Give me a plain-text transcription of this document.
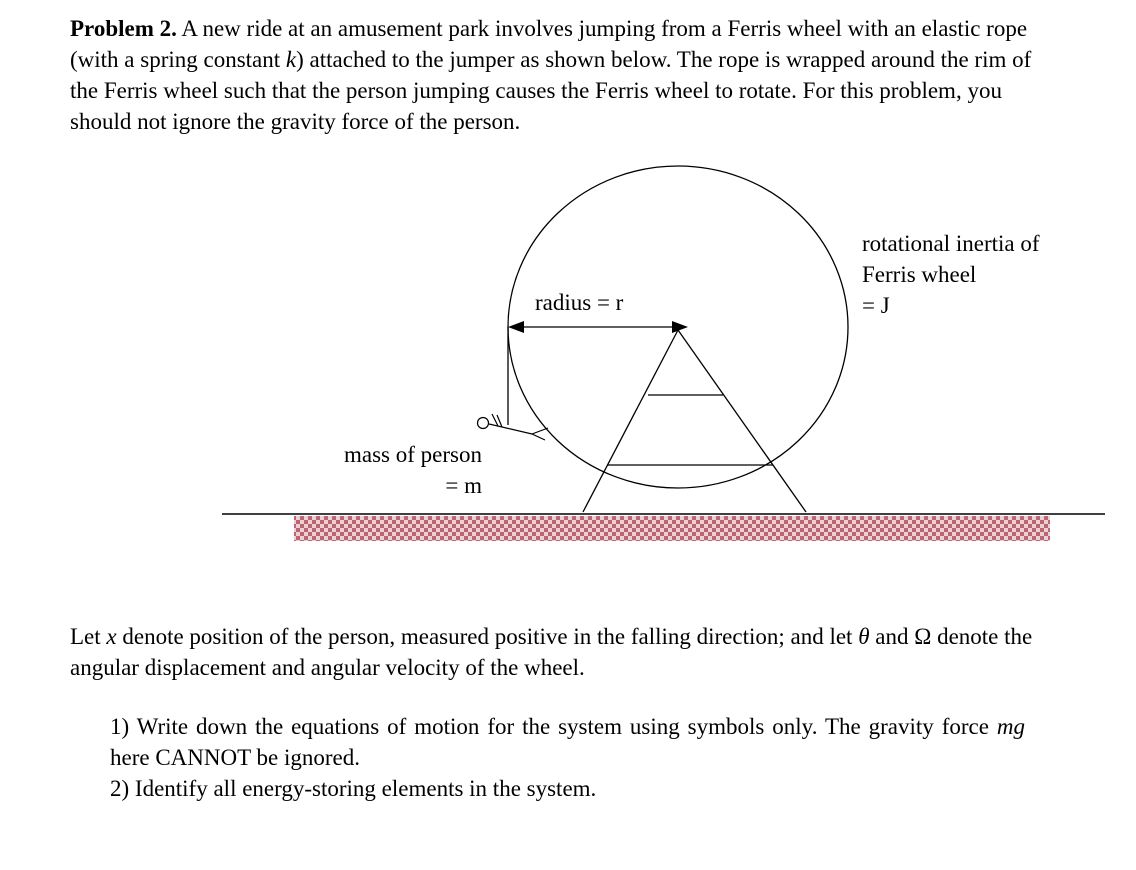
Problem 2. A new ride at an amusement park involves jumping from a Ferris wheel with an elastic rope (with a spring constant k) attached to the jumper as shown below. The rope is wrapped around the rim of the Ferris wheel such that the person jumping causes the Ferris wheel to rotate. For this problem, you should not ignore the gravity force of the person.

radius = r
rotational inertia of
Ferris wheel
= J
mass of person
= m

Let x denote position of the person, measured positive in the falling direction; and let θ and Ω denote the angular displacement and angular velocity of the wheel.

1) Write down the equations of motion for the system using symbols only. The gravity force mg here CANNOT be ignored.
2) Identify all energy-storing elements in the system.
